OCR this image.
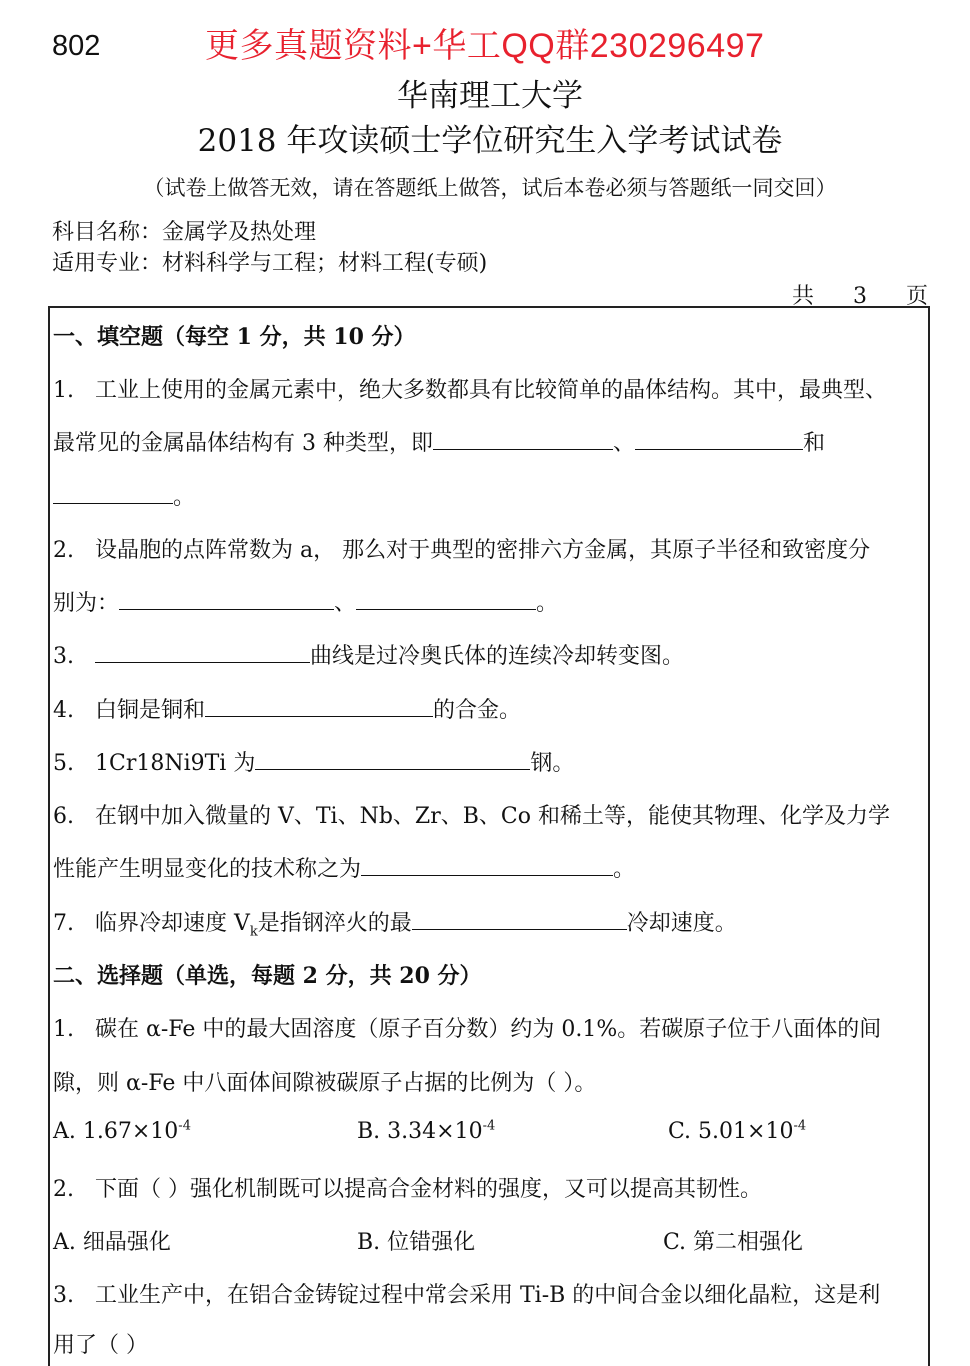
802	更多真题资料+华工QQ群230296497
华南理工大学
2018 年攻读硕士学位研究生入学考试试卷
（试卷上做答无效，请在答题纸上做答，试后本卷必须与答题纸一同交回）
科目名称：金属学及热处理
适用专业：材料科学与工程；材料工程(专硕)
共 3 页
一、填空题（每空 1 分，共 10 分）
1. 工业上使用的金属元素中，绝大多数都具有比较简单的晶体结构。其中，最典型、
最常见的金属晶体结构有 3 种类型，即	、	和
。
2. 设晶胞的点阵常数为 a， 那么对于典型的密排六方金属，其原子半径和致密度分
别为：	、	。
3.	曲线是过冷奥氏体的连续冷却转变图。
4. 白铜是铜和	的合金。
5. 1Cr18Ni9Ti 为	钢。
6. 在钢中加入微量的 V、Ti、Nb、Zr、B、Co 和稀土等，能使其物理、化学及力学
性能产生明显变化的技术称之为	。
7. 临界冷却速度 $V_k$是指钢淬火的最	冷却速度。
二、选择题（单选，每题 2 分，共 20 分）
1. 碳在 α-Fe 中的最大固溶度（原子百分数）约为 0.1%。若碳原子位于八面体的间
隙，则 α-Fe 中八面体间隙被碳原子占据的比例为（ ）。
A. $1.67\times 10^{-4}$	B. $3.34\times 10^{-4}$	C. $5.01\times 10^{-4}$
2. 下面（ ）强化机制既可以提高合金材料的强度，又可以提高其韧性。
A. 细晶强化	B. 位错强化	C. 第二相强化
3. 工业生产中，在铝合金铸锭过程中常会采用 Ti-B 的中间合金以细化晶粒，这是利
用了（ ）
